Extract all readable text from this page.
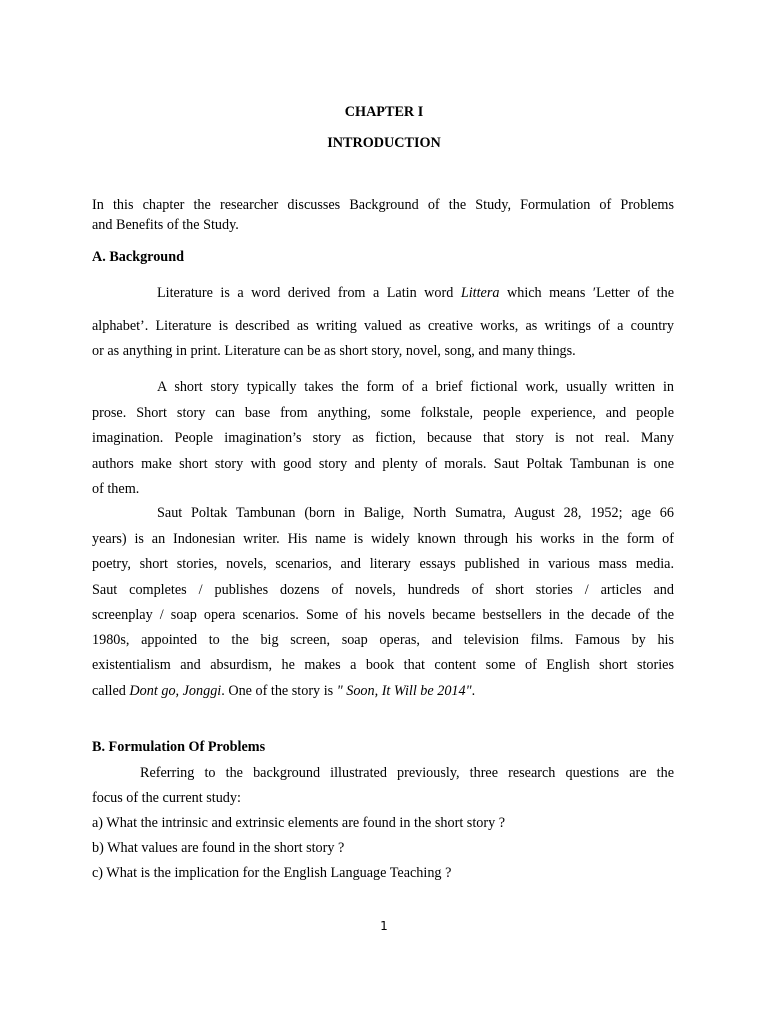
CHAPTER I
INTRODUCTION
In this chapter the researcher discusses Background of the Study, Formulation of Problems
and Benefits of the Study.
A. Background
Literature is a word derived from a Latin word Littera which means ʹLetter of the
alphabet’. Literature is described as writing valued as creative works, as writings of a country
or as anything in print. Literature can be as short story, novel, song, and many things.
A short story typically takes the form of a brief fictional work, usually written in
prose. Short story can base from anything, some folkstale, people experience, and people
imagination. People imagination’s story as fiction, because that story is not real. Many
authors make short story with good story and plenty of morals. Saut Poltak Tambunan is one
of them.
Saut Poltak Tambunan (born in Balige, North Sumatra, August 28, 1952; age 66
years) is an Indonesian writer. His name is widely known through his works in the form of
poetry, short stories, novels, scenarios, and literary essays published in various mass media.
Saut completes / publishes dozens of novels, hundreds of short stories / articles and
screenplay / soap opera scenarios. Some of his novels became bestsellers in the decade of the
1980s, appointed to the big screen, soap operas, and television films. Famous by his
existentialism and absurdism, he makes a book that content some of English short stories
called Dont go, Jonggi. One of the story is " Soon, It Will be 2014".
B. Formulation Of Problems
Referring to the background illustrated previously, three research questions are the
focus of the current study:
a) What the intrinsic and extrinsic elements are found in the short story ?
b) What values are found in the short story ?
c) What is the implication for the English Language Teaching ?
1
